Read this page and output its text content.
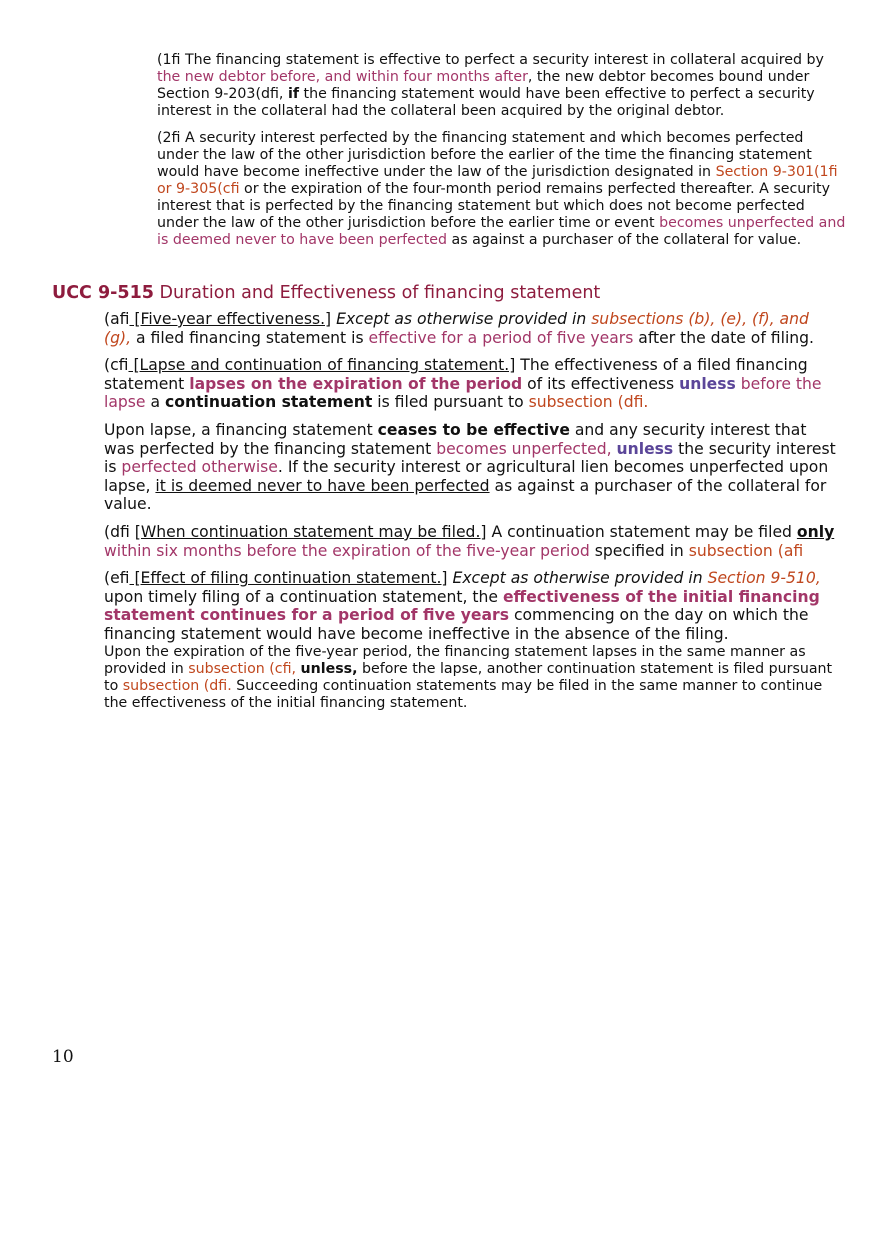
(1fi The financing statement is effective to perfect a security interest in collateral acquired by the new debtor before, and within four months after, the new debtor becomes bound under Section 9-203(dfi, if the financing statement would have been effective to perfect a security interest in the collateral had the collateral been acquired by the original debtor.

(2fi A security interest perfected by the financing statement and which becomes perfected under the law of the other jurisdiction before the earlier of the time the financing statement would have become ineffective under the law of the jurisdiction designated in Section 9-301(1fi or 9-305(cfi or the expiration of the four-month period remains perfected thereafter. A security interest that is perfected by the financing statement but which does not become perfected under the law of the other jurisdiction before the earlier time or event becomes unperfected and is deemed never to have been perfected as against a purchaser of the collateral for value.

UCC 9-515 Duration and Effectiveness of financing statement

(afi [Five-year effectiveness.] Except as otherwise provided in subsections (b), (e), (f), and (g), a filed financing statement is effective for a period of five years after the date of filing.

(cfi [Lapse and continuation of financing statement.] The effectiveness of a filed financing statement lapses on the expiration of the period of its effectiveness unless before the lapse a continuation statement is filed pursuant to subsection (dfi.

Upon lapse, a financing statement ceases to be effective and any security interest that was perfected by the financing statement becomes unperfected, unless the security interest is perfected otherwise. If the security interest or agricultural lien becomes unperfected upon lapse, it is deemed never to have been perfected as against a purchaser of the collateral for value.

(dfi [When continuation statement may be filed.] A continuation statement may be filed only within six months before the expiration of the five-year period specified in subsection (afi

(efi [Effect of filing continuation statement.] Except as otherwise provided in Section 9-510, upon timely filing of a continuation statement, the effectiveness of the initial financing statement continues for a period of five years commencing on the day on which the financing statement would have become ineffective in the absence of the filing.

Upon the expiration of the five-year period, the financing statement lapses in the same manner as provided in subsection (cfi, unless, before the lapse, another continuation statement is filed pursuant to subsection (dfi. Succeeding continuation statements may be filed in the same manner to continue the effectiveness of the initial financing statement.

10
